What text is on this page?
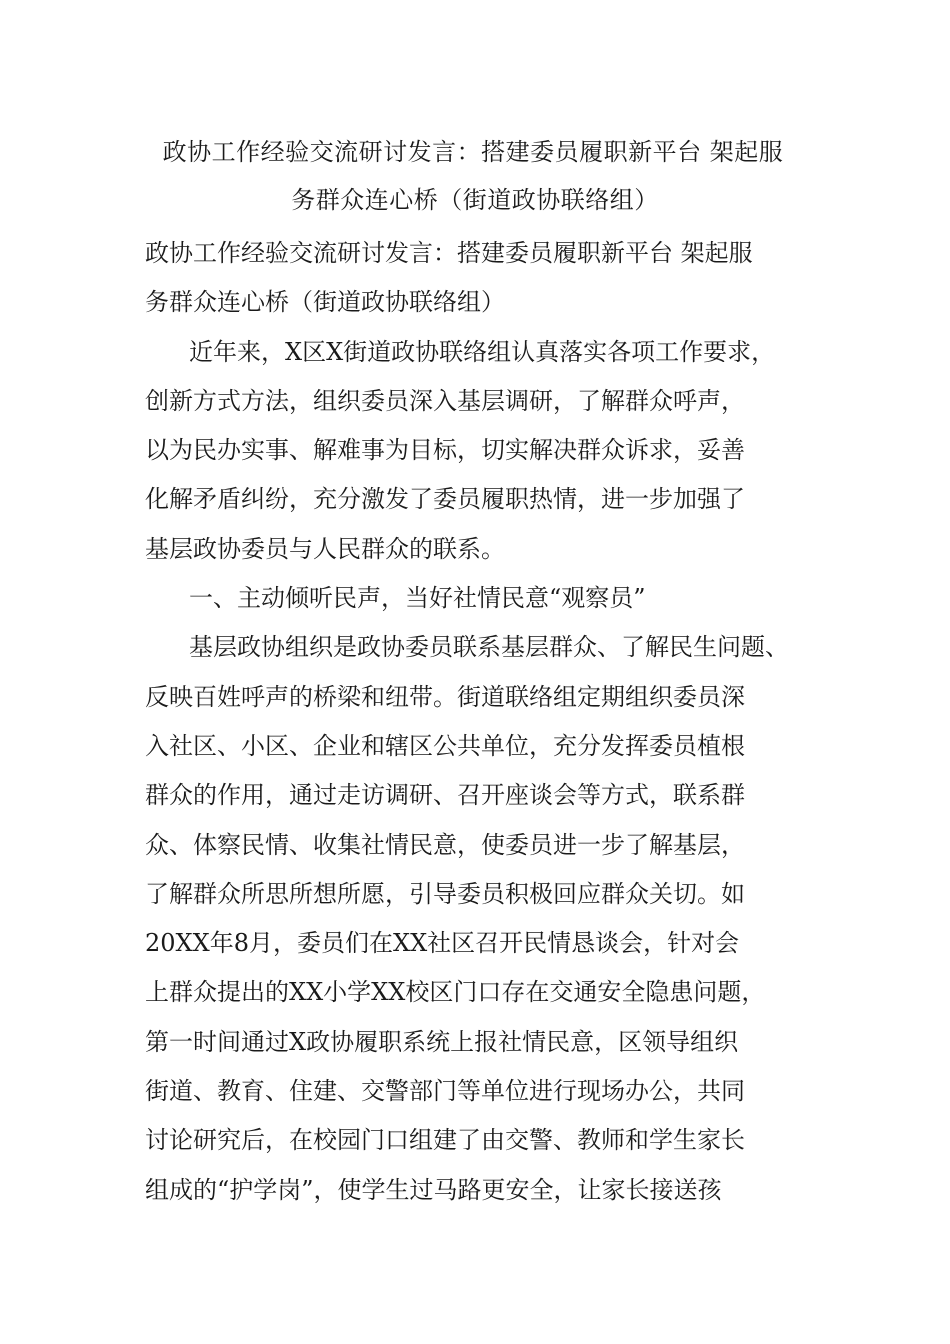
政协工作经验交流研讨发言：搭建委员履职新平台 架起服
务群众连心桥（街道政协联络组）
政协工作经验交流研讨发言：搭建委员履职新平台 架起服
务群众连心桥（街道政协联络组）
近年来，X区X街道政协联络组认真落实各项工作要求，
创新方式方法，组织委员深入基层调研，了解群众呼声，
以为民办实事、解难事为目标，切实解决群众诉求，妥善
化解矛盾纠纷，充分激发了委员履职热情，进一步加强了
基层政协委员与人民群众的联系。
一、主动倾听民声，当好社情民意“观察员”
基层政协组织是政协委员联系基层群众、了解民生问题、
反映百姓呼声的桥梁和纽带。街道联络组定期组织委员深
入社区、小区、企业和辖区公共单位，充分发挥委员植根
群众的作用，通过走访调研、召开座谈会等方式，联系群
众、体察民情、收集社情民意，使委员进一步了解基层，
了解群众所思所想所愿，引导委员积极回应群众关切。如
20XX年8月，委员们在XX社区召开民情恳谈会，针对会
上群众提出的XX小学XX校区门口存在交通安全隐患问题，
第一时间通过X政协履职系统上报社情民意，区领导组织
街道、教育、住建、交警部门等单位进行现场办公，共同
讨论研究后，在校园门口组建了由交警、教师和学生家长
组成的“护学岗”，使学生过马路更安全，让家长接送孩
